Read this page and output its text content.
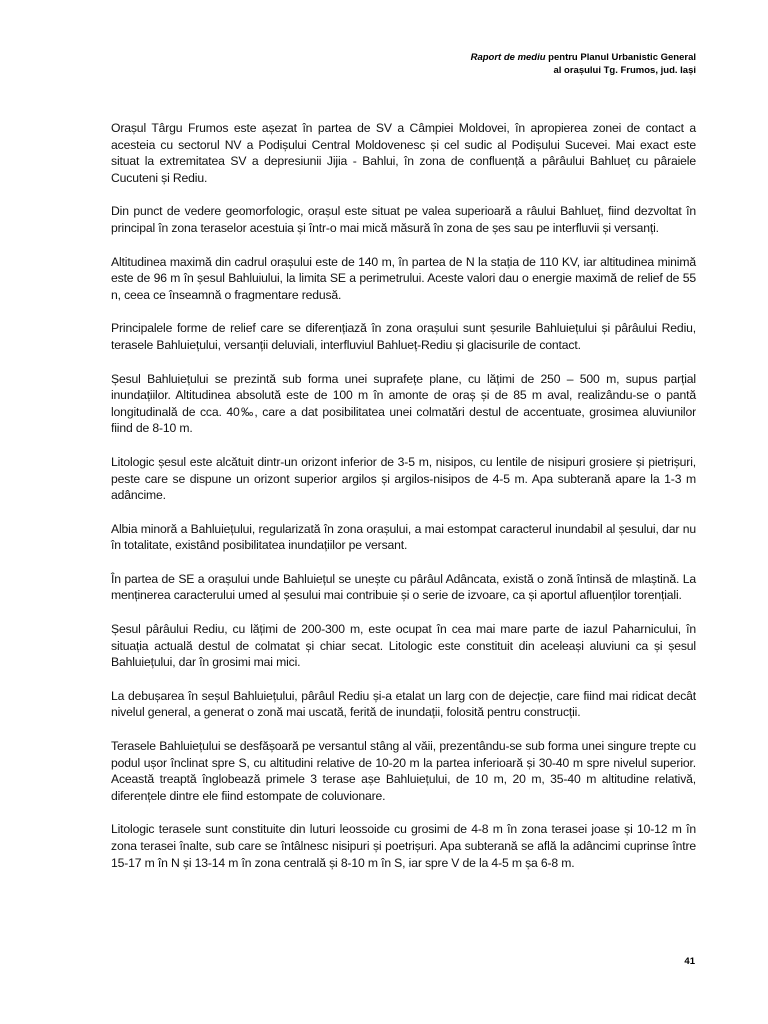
Raport de mediu pentru Planul Urbanistic General
al orașului Tg. Frumos, jud. Iași

Orașul Târgu Frumos este așezat în partea de SV a Câmpiei Moldovei, în apropierea zonei de contact a acesteia cu sectorul NV a Podișului Central Moldovenesc și cel sudic al Podișului Sucevei. Mai exact este situat la extremitatea SV a depresiunii Jijia - Bahlui, în zona de confluență a pârâului Bahlueț cu pâraiele Cucuteni și Rediu.

Din punct de vedere geomorfologic, orașul este situat pe valea superioară a râului Bahlueț, fiind dezvoltat în principal în zona teraselor acestuia și într-o mai mică măsură în zona de șes sau pe interfluvii și versanți.

Altitudinea maximă din cadrul orașului este de 140 m, în partea de N la stația de 110 KV, iar altitudinea minimă este de 96 m în șesul Bahluiului, la limita SE a perimetrului. Aceste valori dau o energie maximă de relief de 55 n, ceea ce înseamnă o fragmentare redusă.

Principalele forme de relief care se diferențiază în zona orașului sunt șesurile Bahluiețului și pârâului Rediu, terasele Bahluiețului, versanții deluviali, interfluviul Bahlueț-Rediu și glacisurile de contact.

Șesul Bahluiețului se prezintă sub forma unei suprafețe plane, cu lățimi de 250 – 500 m, supus parțial inundațiilor. Altitudinea absolută este de 100 m în amonte de oraș și de 85 m aval, realizându-se o pantă longitudinală de cca. 40‰, care a dat posibilitatea unei colmatări destul de accentuate, grosimea aluviunilor fiind de 8-10 m.

Litologic șesul este alcătuit dintr-un orizont inferior de 3-5 m, nisipos, cu lentile de nisipuri grosiere și pietrișuri, peste care se dispune un orizont superior argilos și argilos-nisipos de 4-5 m. Apa subterană apare la 1-3 m adâncime.

Albia minoră a Bahluiețului, regularizată în zona orașului, a mai estompat caracterul inundabil al șesului, dar nu în totalitate, existând posibilitatea inundațiilor pe versant.

În partea de SE a orașului unde Bahluiețul se unește cu pârâul Adâncata, există o zonă întinsă de mlaștină. La menținerea caracterului umed al șesului mai contribuie și o serie de izvoare, ca și aportul afluenților torențiali.

Șesul pârâului Rediu, cu lățimi de 200-300 m, este ocupat în cea mai mare parte de iazul Paharnicului, în situația actuală destul de colmatat și chiar secat. Litologic este constituit din aceleași aluviuni ca și șesul Bahluiețului, dar în grosimi mai mici.

La debușarea în seșul Bahluiețului, pârâul Rediu și-a etalat un larg con de dejecție, care fiind mai ridicat decât nivelul general, a generat o zonă mai uscată, ferită de inundații, folosită pentru construcții.

Terasele Bahluiețului se desfășoară pe versantul stâng al văii, prezentându-se sub forma unei singure trepte cu podul ușor înclinat spre S, cu altitudini relative de 10-20 m la partea inferioară și 30-40 m spre nivelul superior. Această treaptă înglobează primele 3 terase așe Bahluiețului, de 10 m, 20 m, 35-40 m altitudine relativă, diferențele dintre ele fiind estompate de coluvionare.

Litologic terasele sunt constituite din luturi leossoide cu grosimi de 4-8 m în zona terasei joase și 10-12 m în zona terasei înalte, sub care se întâlnesc nisipuri și poetrișuri. Apa subterană se află la adâncimi cuprinse între 15-17 m în N și 13-14 m în zona centrală și 8-10 m în S, iar spre V de la 4-5 m șa 6-8 m.

41
